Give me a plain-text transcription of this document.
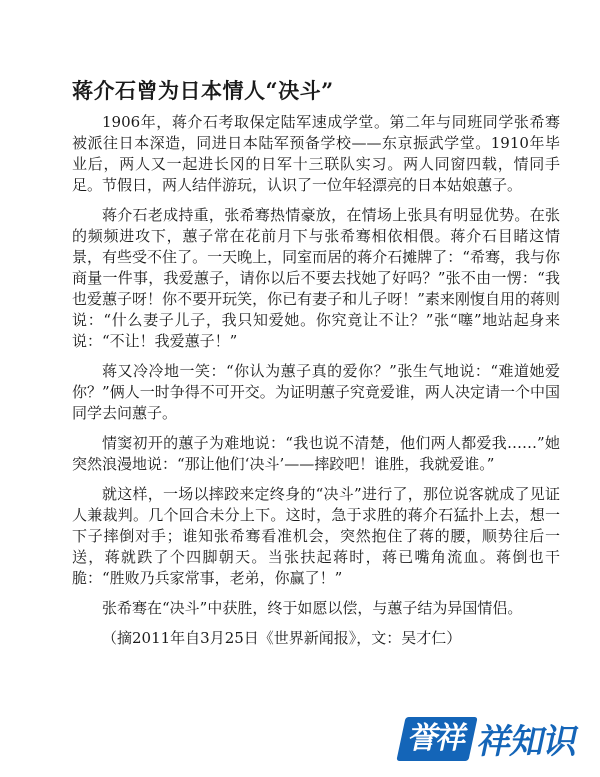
蒋介石曾为日本情人“决斗”

1906年，蒋介石考取保定陆军速成学堂。第二年与同班同学张希骞被派往日本深造，同进日本陆军预备学校——东京振武学堂。1910年毕业后，两人又一起进长冈的日军十三联队实习。两人同窗四载，情同手足。节假日，两人结伴游玩，认识了一位年轻漂亮的日本姑娘蕙子。

蒋介石老成持重，张希骞热情豪放，在情场上张具有明显优势。在张的频频进攻下，蕙子常在花前月下与张希骞相依相偎。蒋介石目睹这情景，有些受不住了。一天晚上，同室而居的蒋介石摊牌了：“希骞，我与你商量一件事，我爱蕙子，请你以后不要去找她了好吗？”张不由一愣：“我也爱蕙子呀！你不要开玩笑，你已有妻子和儿子呀！”素来刚愎自用的蒋则说：“什么妻子儿子，我只知爱她。你究竟让不让？”张“噻”地站起身来说：“不让！我爱蕙子！”

蒋又冷冷地一笑：“你认为蕙子真的爱你？”张生气地说：“难道她爱你？”俩人一时争得不可开交。为证明蕙子究竟爱谁，两人决定请一个中国同学去问蕙子。

情窦初开的蕙子为难地说：“我也说不清楚，他们两人都爱我……”她突然浪漫地说：“那让他们‘决斗’——摔跤吧！谁胜，我就爱谁。”

就这样，一场以摔跤来定终身的“决斗”进行了，那位说客就成了见证人兼裁判。几个回合未分上下。这时，急于求胜的蒋介石猛扑上去，想一下子摔倒对手；谁知张希骞看准机会，突然抱住了蒋的腰，顺势往后一送，蒋就跌了个四脚朝天。当张扶起蒋时，蒋已嘴角流血。蒋倒也干脆：“胜败乃兵家常事，老弟，你赢了！”

张希骞在“决斗”中获胜，终于如愿以偿，与蕙子结为异国情侣。

（摘2011年自3月25日《世界新闻报》，文：吴才仁）

誉祥 祥知识
